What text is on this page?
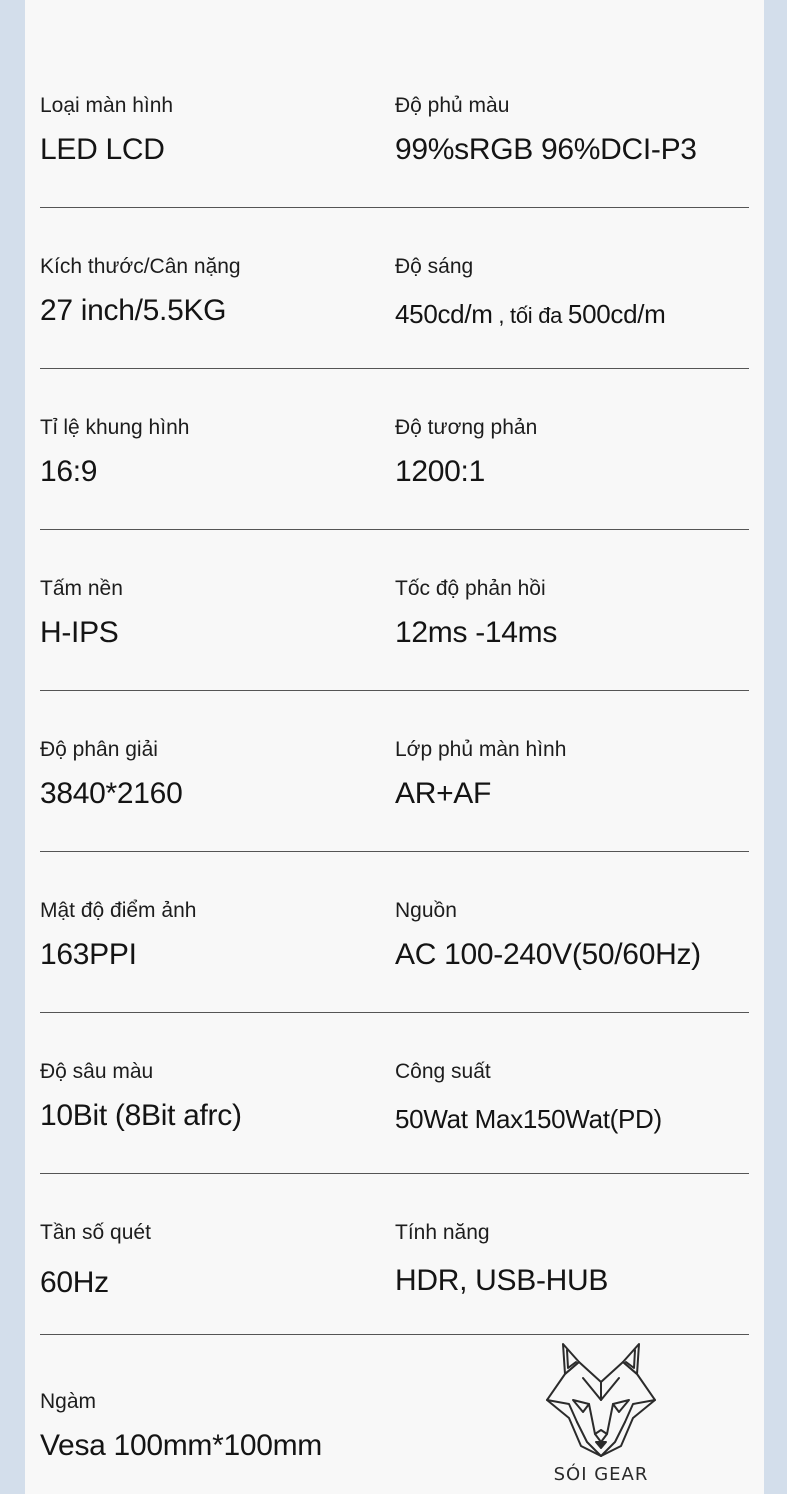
Loại màn hình
LED LCD
Độ phủ màu
99%sRGB 96%DCI-P3
Kích thước/Cân nặng
27 inch/5.5KG
Độ sáng
450cd/m , tối đa 500cd/m
Tỉ lệ khung hình
16:9
Độ tương phản
1200:1
Tấm nền
H-IPS
Tốc độ phản hồi
12ms -14ms
Độ phân giải
3840*2160
Lớp phủ màn hình
AR+AF
Mật độ điểm ảnh
163PPI
Nguồn
AC 100-240V(50/60Hz)
Độ sâu màu
10Bit (8Bit afrc)
Công suất
50Wat Max150Wat(PD)
Tần số quét
60Hz
Tính năng
HDR, USB-HUB
Ngàm
Vesa 100mm*100mm
SÓI GEAR
